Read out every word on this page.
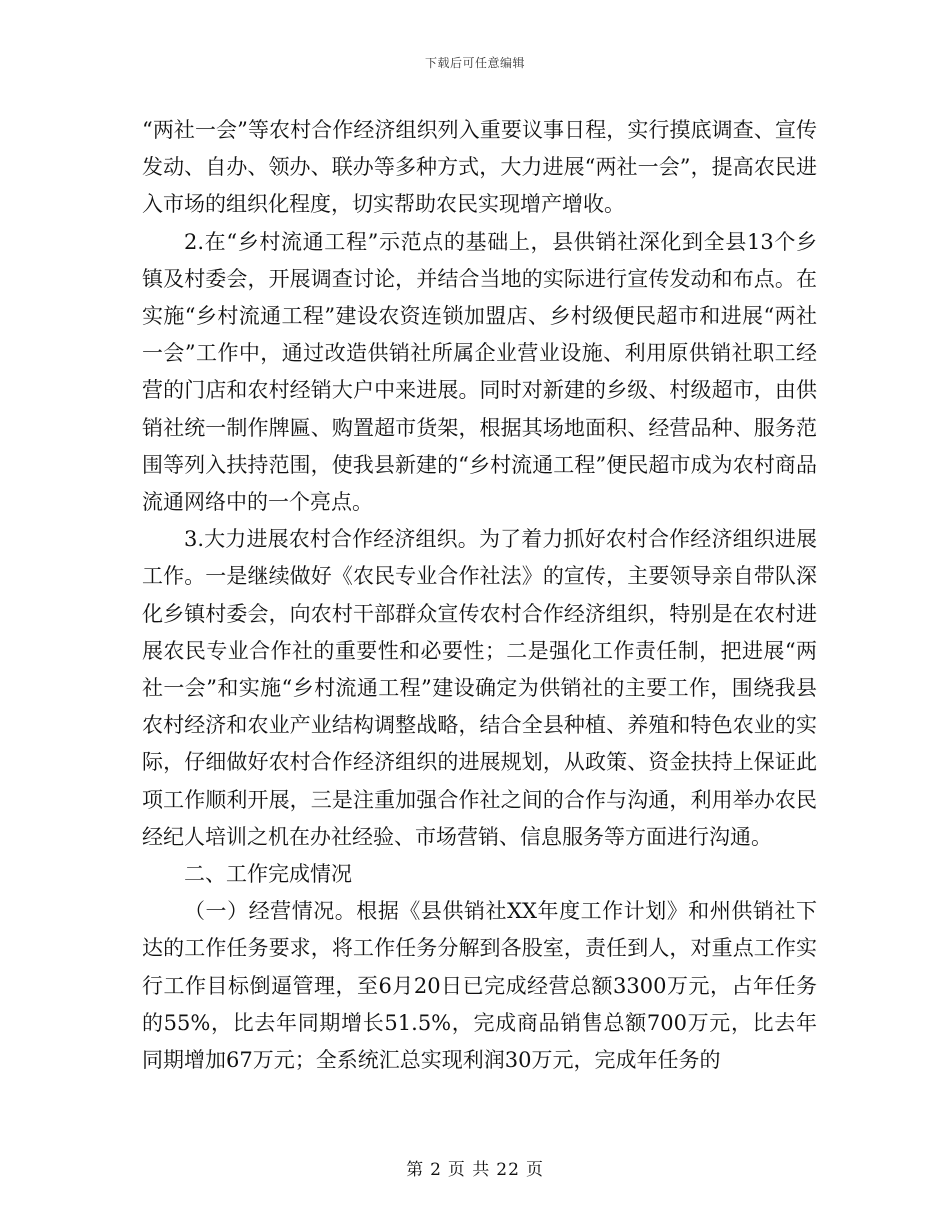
下载后可任意编辑

“两社一会”等农村合作经济组织列入重要议事日程，实行摸底调查、宣传发动、自办、领办、联办等多种方式，大力进展“两社一会”，提高农民进入市场的组织化程度，切实帮助农民实现增产增收。

2.在“乡村流通工程”示范点的基础上，县供销社深化到全县13个乡镇及村委会，开展调查讨论，并结合当地的实际进行宣传发动和布点。在实施“乡村流通工程”建设农资连锁加盟店、乡村级便民超市和进展“两社一会”工作中，通过改造供销社所属企业营业设施、利用原供销社职工经营的门店和农村经销大户中来进展。同时对新建的乡级、村级超市，由供销社统一制作牌匾、购置超市货架，根据其场地面积、经营品种、服务范围等列入扶持范围，使我县新建的“乡村流通工程”便民超市成为农村商品流通网络中的一个亮点。

3.大力进展农村合作经济组织。为了着力抓好农村合作经济组织进展工作。一是继续做好《农民专业合作社法》的宣传，主要领导亲自带队深化乡镇村委会，向农村干部群众宣传农村合作经济组织，特别是在农村进展农民专业合作社的重要性和必要性；二是强化工作责任制，把进展“两社一会”和实施“乡村流通工程”建设确定为供销社的主要工作，围绕我县农村经济和农业产业结构调整战略，结合全县种植、养殖和特色农业的实际，仔细做好农村合作经济组织的进展规划，从政策、资金扶持上保证此项工作顺利开展，三是注重加强合作社之间的合作与沟通，利用举办农民经纪人培训之机在办社经验、市场营销、信息服务等方面进行沟通。

二、工作完成情况

（一）经营情况。根据《县供销社XX年度工作计划》和州供销社下达的工作任务要求，将工作任务分解到各股室，责任到人，对重点工作实行工作目标倒逼管理，至6月20日已完成经营总额3300万元，占年任务的55%，比去年同期增长51.5%，完成商品销售总额700万元，比去年同期增加67万元；全系统汇总实现利润30万元，完成年任务的

第 2 页 共 22 页
